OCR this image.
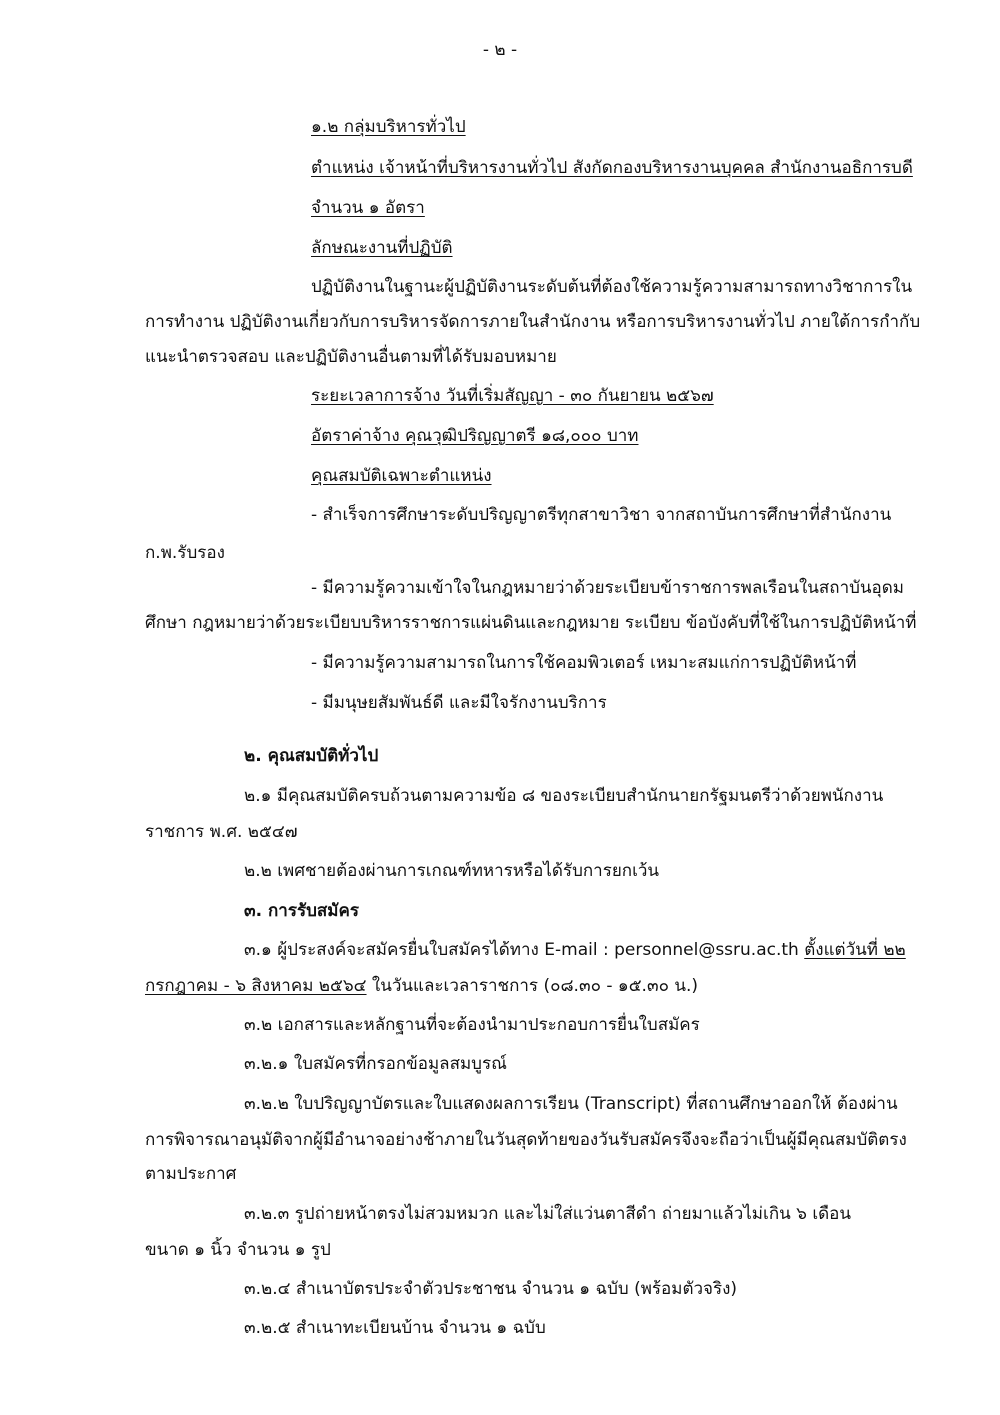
- ๒ -
๑.๒ กลุ่มบริหารทั่วไป
ตำแหน่ง เจ้าหน้าที่บริหารงานทั่วไป สังกัดกองบริหารงานบุคคล สำนักงานอธิการบดี
จำนวน ๑ อัตรา
ลักษณะงานที่ปฏิบัติ
ปฏิบัติงานในฐานะผู้ปฏิบัติงานระดับต้นที่ต้องใช้ความรู้ความสามารถทางวิชาการใน
การทำงาน ปฏิบัติงานเกี่ยวกับการบริหารจัดการภายในสำนักงาน หรือการบริหารงานทั่วไป ภายใต้การกำกับ
แนะนำตรวจสอบ และปฏิบัติงานอื่นตามที่ได้รับมอบหมาย
ระยะเวลาการจ้าง วันที่เริ่มสัญญา - ๓๐ กันยายน ๒๕๖๗
อัตราค่าจ้าง คุณวุฒิปริญญาตรี ๑๘,๐๐๐ บาท
คุณสมบัติเฉพาะตำแหน่ง
- สำเร็จการศึกษาระดับปริญญาตรีทุกสาขาวิชา จากสถาบันการศึกษาที่สำนักงาน
ก.พ.รับรอง
- มีความรู้ความเข้าใจในกฎหมายว่าด้วยระเบียบข้าราชการพลเรือนในสถาบันอุดม
ศึกษา กฎหมายว่าด้วยระเบียบบริหารราชการแผ่นดินและกฎหมาย ระเบียบ ข้อบังคับที่ใช้ในการปฏิบัติหน้าที่
- มีความรู้ความสามารถในการใช้คอมพิวเตอร์ เหมาะสมแก่การปฏิบัติหน้าที่
- มีมนุษยสัมพันธ์ดี และมีใจรักงานบริการ
๒. คุณสมบัติทั่วไป
๒.๑ มีคุณสมบัติครบถ้วนตามความข้อ ๘ ของระเบียบสำนักนายกรัฐมนตรีว่าด้วยพนักงาน
ราชการ พ.ศ. ๒๕๔๗
๒.๒ เพศชายต้องผ่านการเกณฑ์ทหารหรือได้รับการยกเว้น
๓. การรับสมัคร
๓.๑ ผู้ประสงค์จะสมัครยื่นใบสมัครได้ทาง E-mail : personnel@ssru.ac.th ตั้งแต่วันที่ ๒๒
กรกฎาคม - ๖ สิงหาคม ๒๕๖๔ ในวันและเวลาราชการ (๐๘.๓๐ - ๑๕.๓๐ น.)
๓.๒ เอกสารและหลักฐานที่จะต้องนำมาประกอบการยื่นใบสมัคร
๓.๒.๑ ใบสมัครที่กรอกข้อมูลสมบูรณ์
๓.๒.๒ ใบปริญญาบัตรและใบแสดงผลการเรียน (Transcript) ที่สถานศึกษาออกให้ ต้องผ่าน
การพิจารณาอนุมัติจากผู้มีอำนาจอย่างช้าภายในวันสุดท้ายของวันรับสมัครจึงจะถือว่าเป็นผู้มีคุณสมบัติตรง
ตามประกาศ
๓.๒.๓ รูปถ่ายหน้าตรงไม่สวมหมวก และไม่ใส่แว่นตาสีดำ ถ่ายมาแล้วไม่เกิน ๖ เดือน
ขนาด ๑ นิ้ว จำนวน ๑ รูป
๓.๒.๔ สำเนาบัตรประจำตัวประชาชน จำนวน ๑ ฉบับ (พร้อมตัวจริง)
๓.๒.๕ สำเนาทะเบียนบ้าน จำนวน ๑ ฉบับ
